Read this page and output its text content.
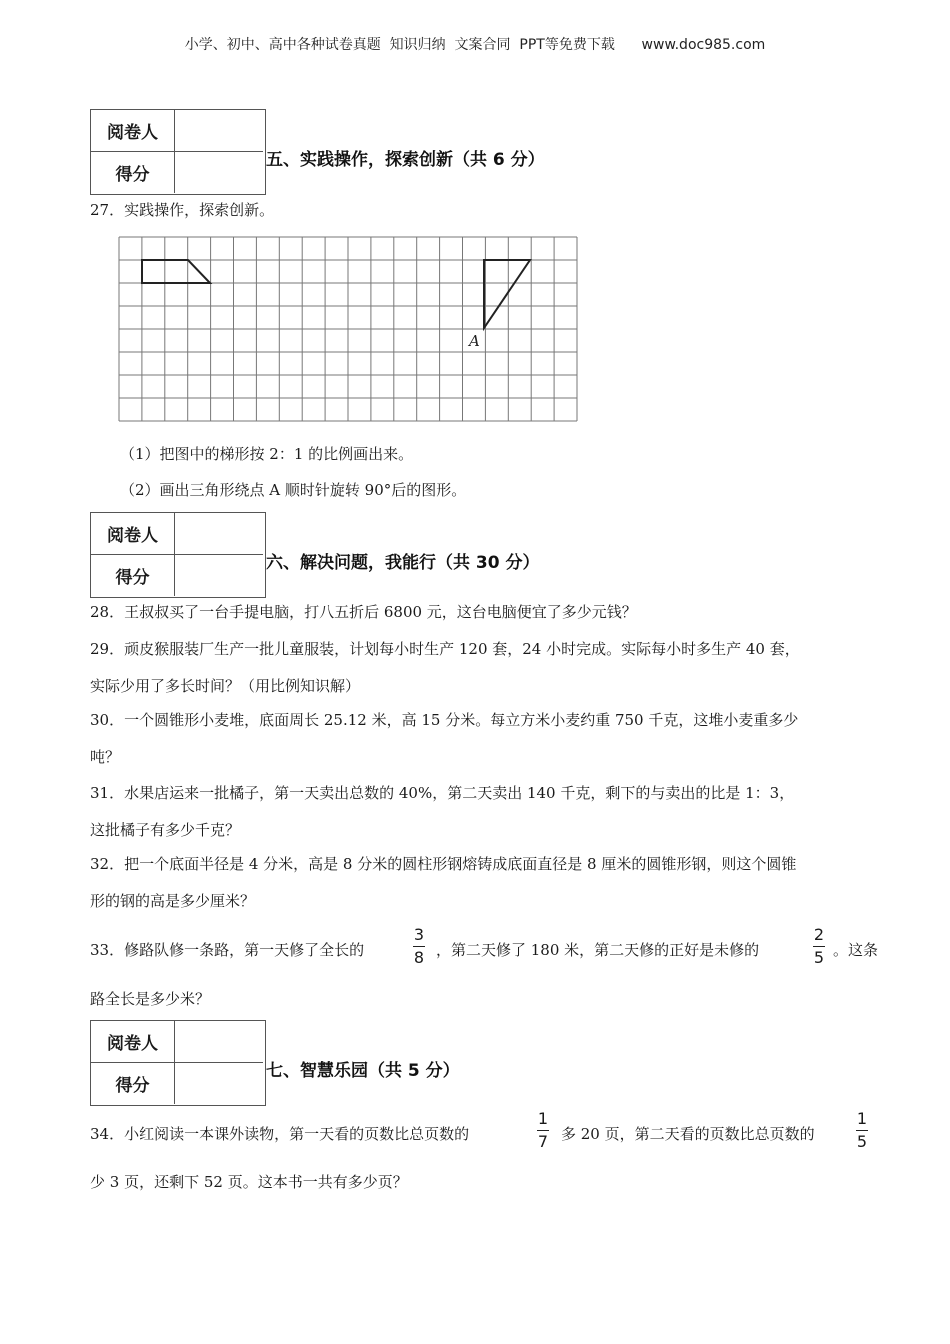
小学、初中、高中各种试卷真题  知识归纳  文案合同  PPT等免费下载      www.doc985.com
阅卷人
得分
五、实践操作，探索创新（共 6 分）
27．实践操作，探索创新。
A
（1）把图中的梯形按 2：1 的比例画出来。
（2）画出三角形绕点 A 顺时针旋转 90°后的图形。
阅卷人
得分
六、解决问题，我能行（共 30 分）
28．王叔叔买了一台手提电脑，打八五折后 6800 元，这台电脑便宜了多少元钱？
29．顽皮猴服装厂生产一批儿童服装，计划每小时生产 120 套，24 小时完成。实际每小时多生产 40 套，
实际少用了多长时间？（用比例知识解）
30．一个圆锥形小麦堆，底面周长 25.12 米，高 15 分米。每立方米小麦约重 750 千克，这堆小麦重多少
吨？
31．水果店运来一批橘子，第一天卖出总数的 40%，第二天卖出 140 千克，剩下的与卖出的比是 1：3，
这批橘子有多少千克？
32．把一个底面半径是 4 分米，高是 8 分米的圆柱形钢熔铸成底面直径是 8 厘米的圆锥形钢，则这个圆锥
形的钢的高是多少厘米？
33．修路队修一条路，第一天修了全长的
3
8 ，第二天修了 180 米，第二天修的正好是未修的
2
5 。这条
路全长是多少米？
阅卷人
得分
七、智慧乐园（共 5 分）
34．小红阅读一本课外读物，第一天看的页数比总页数的
1
7 多 20 页，第二天看的页数比总页数的
1
5
少 3 页，还剩下 52 页。这本书一共有多少页？
